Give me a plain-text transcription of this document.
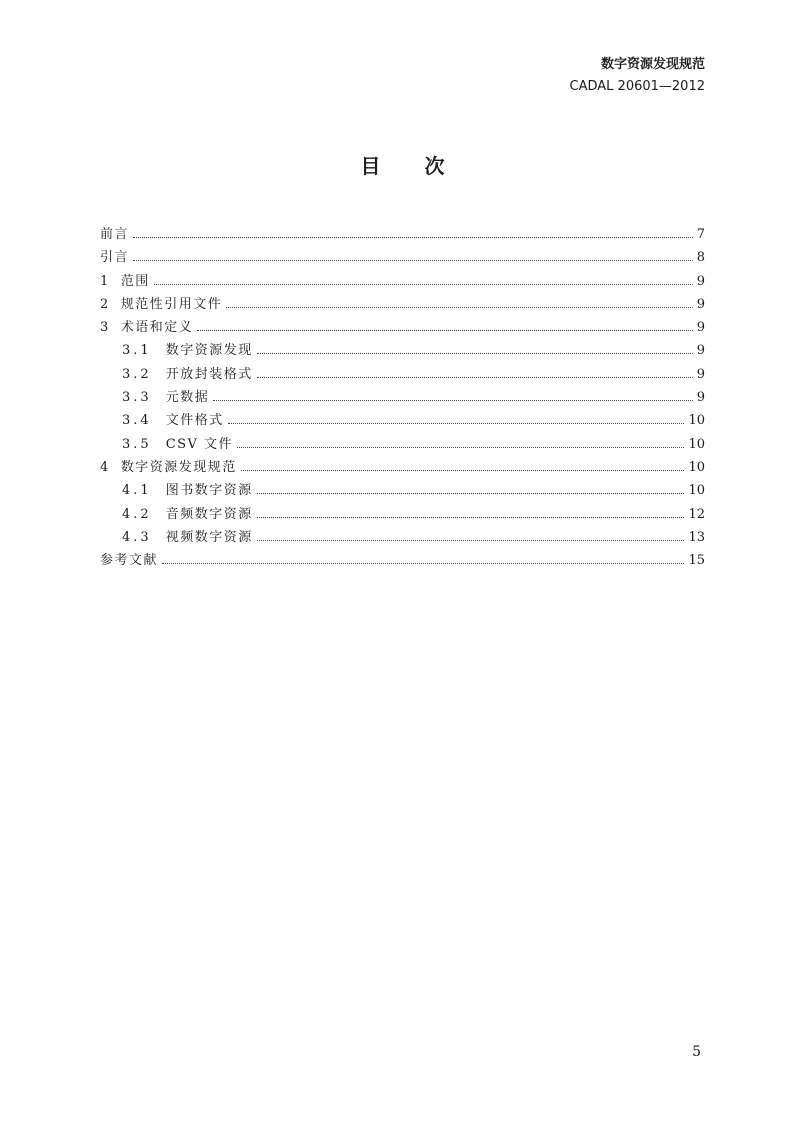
数字资源发现规范
CADAL 20601—2012
目次
前言	7
引言	8
1 范围	9
2 规范性引用文件	9
3 术语和定义	9
3.1 数字资源发现	9
3.2 开放封装格式	9
3.3 元数据	9
3.4 文件格式	10
3.5 CSV 文件	10
4 数字资源发现规范	10
4.1 图书数字资源	10
4.2 音频数字资源	12
4.3 视频数字资源	13
参考文献	15
5
